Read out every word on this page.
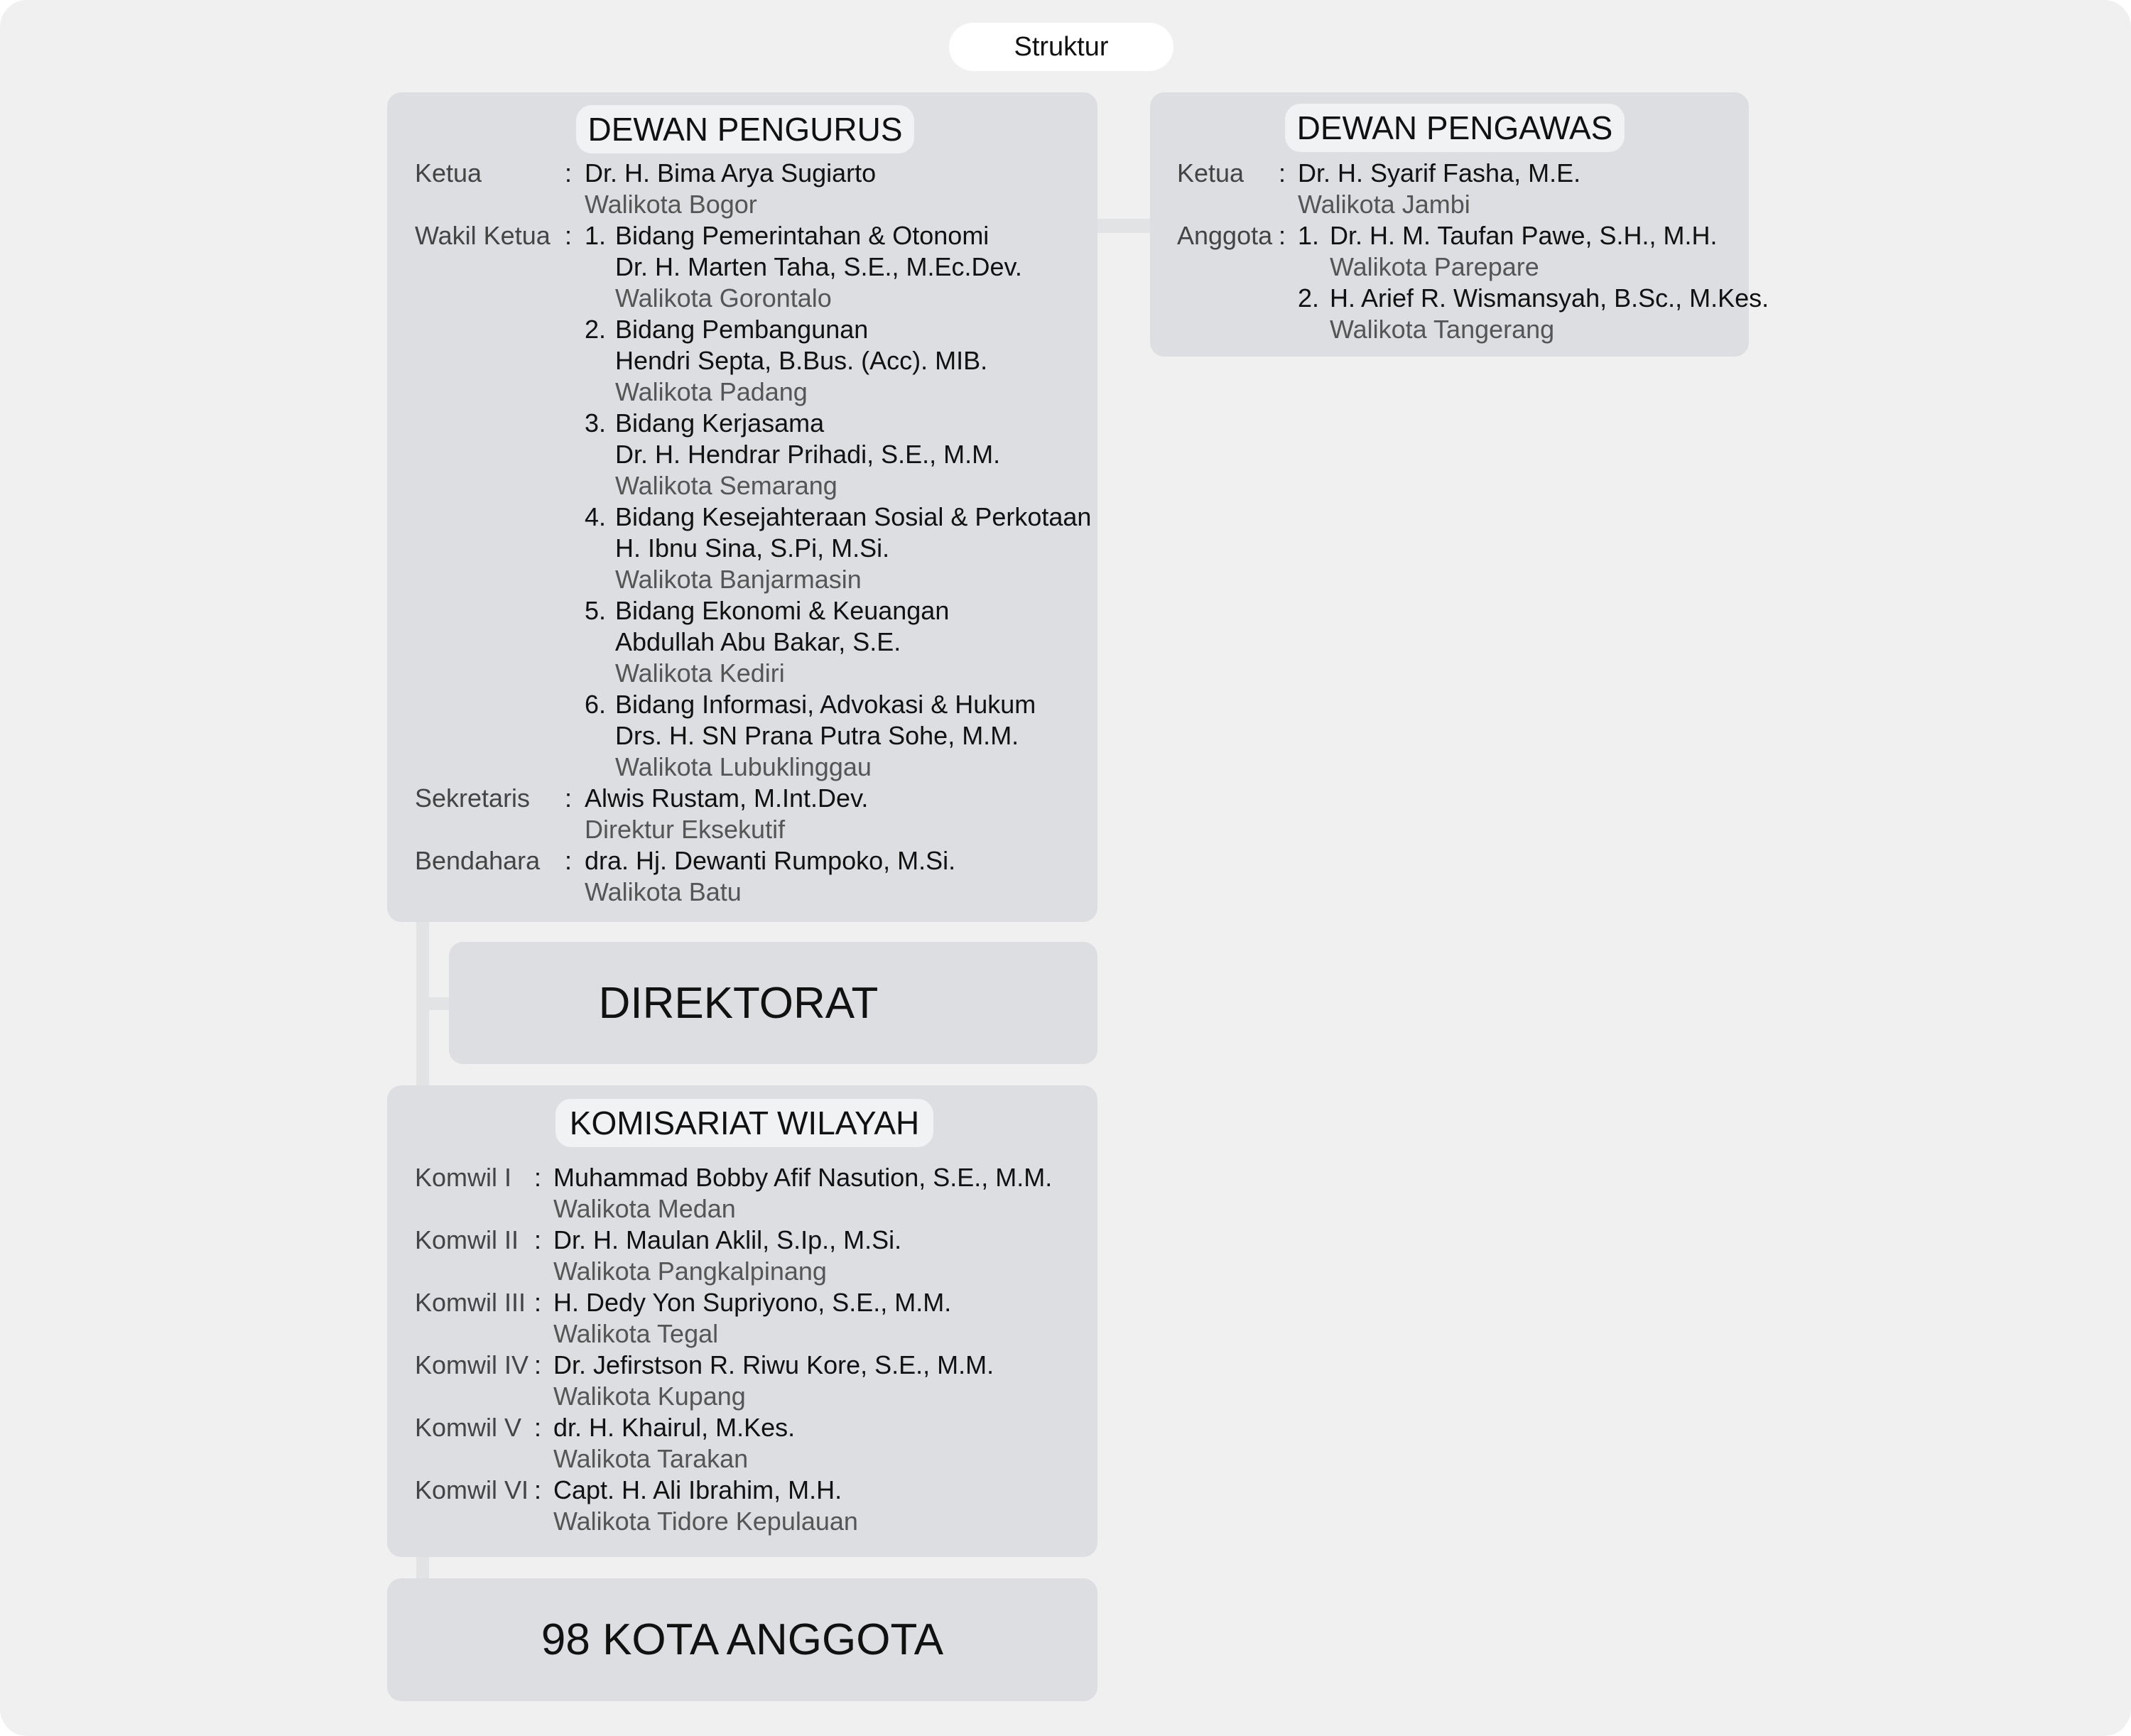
Struktur
DEWAN PENGURUS
Ketua	: Dr. H. Bima Arya Sugiarto
Walikota Bogor
Wakil Ketua : 1. Bidang Pemerintahan & Otonomi
Dr. H. Marten Taha, S.E., M.Ec.Dev.
Walikota Gorontalo
2. Bidang Pembangunan
Hendri Septa, B.Bus. (Acc). MIB.
Walikota Padang
3. Bidang Kerjasama
Dr. H. Hendrar Prihadi, S.E., M.M.
Walikota Semarang
4. Bidang Kesejahteraan Sosial & Perkotaan
H. Ibnu Sina, S.Pi, M.Si.
Walikota Banjarmasin
5. Bidang Ekonomi & Keuangan
Abdullah Abu Bakar, S.E.
Walikota Kediri
6. Bidang Informasi, Advokasi & Hukum
Drs. H. SN Prana Putra Sohe, M.M.
Walikota Lubuklinggau
Sekretaris : Alwis Rustam, M.Int.Dev.
Direktur Eksekutif
Bendahara : dra. Hj. Dewanti Rumpoko, M.Si.
Walikota Batu
DEWAN PENGAWAS
Ketua : Dr. H. Syarif Fasha, M.E.
Walikota Jambi
Anggota : 1. Dr. H. M. Taufan Pawe, S.H., M.H.
Walikota Parepare
2. H. Arief R. Wismansyah, B.Sc., M.Kes.
Walikota Tangerang
DIREKTORAT
KOMISARIAT WILAYAH
Komwil I : Muhammad Bobby Afif Nasution, S.E., M.M.
Walikota Medan
Komwil II : Dr. H. Maulan Aklil, S.Ip., M.Si.
Walikota Pangkalpinang
Komwil III : H. Dedy Yon Supriyono, S.E., M.M.
Walikota Tegal
Komwil IV : Dr. Jefirstson R. Riwu Kore, S.E., M.M.
Walikota Kupang
Komwil V : dr. H. Khairul, M.Kes.
Walikota Tarakan
Komwil VI : Capt. H. Ali Ibrahim, M.H.
Walikota Tidore Kepulauan
98 KOTA ANGGOTA
